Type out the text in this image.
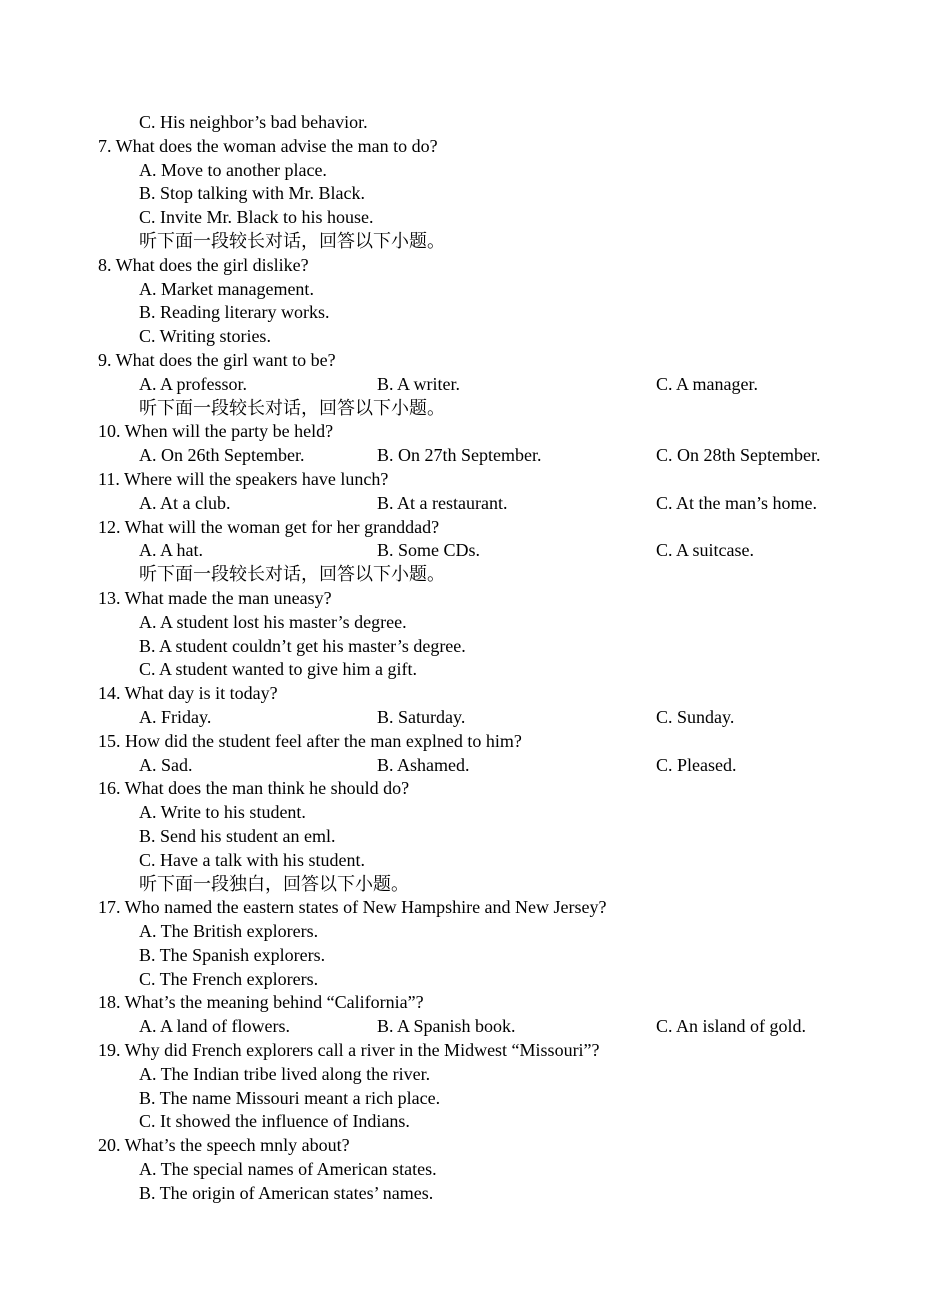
C. His neighbor’s bad behavior.
7. What does the woman advise the man to do?
A. Move to another place.
B. Stop talking with Mr. Black.
C. Invite Mr. Black to his house.
听下面一段较长对话，回答以下小题。
8. What does the girl dislike?
A. Market management.
B. Reading literary works.
C. Writing stories.
9. What does the girl want to be?
A. A professor.	B. A writer.	C. A manager.
听下面一段较长对话，回答以下小题。
10. When will the party be held?
A. On 26th September.	B. On 27th September.	C. On 28th September.
11. Where will the speakers have lunch?
A. At a club.	B. At a restaurant.	C. At the man’s home.
12. What will the woman get for her granddad?
A. A hat.	B. Some CDs.	C. A suitcase.
听下面一段较长对话，回答以下小题。
13. What made the man uneasy?
A. A student lost his master’s degree.
B. A student couldn’t get his master’s degree.
C. A student wanted to give him a gift.
14. What day is it today?
A. Friday.	B. Saturday.	C. Sunday.
15. How did the student feel after the man explned to him?
A. Sad.	B. Ashamed.	C. Pleased.
16. What does the man think he should do?
A. Write to his student.
B. Send his student an eml.
C. Have a talk with his student.
听下面一段独白，回答以下小题。
17. Who named the eastern states of New Hampshire and New Jersey?
A. The British explorers.
B. The Spanish explorers.
C. The French explorers.
18. What’s the meaning behind “California”?
A. A land of flowers.	B. A Spanish book.	C. An island of gold.
19. Why did French explorers call a river in the Midwest “Missouri”?
A. The Indian tribe lived along the river.
B. The name Missouri meant a rich place.
C. It showed the influence of Indians.
20. What’s the speech mnly about?
A. The special names of American states.
B. The origin of American states’ names.
